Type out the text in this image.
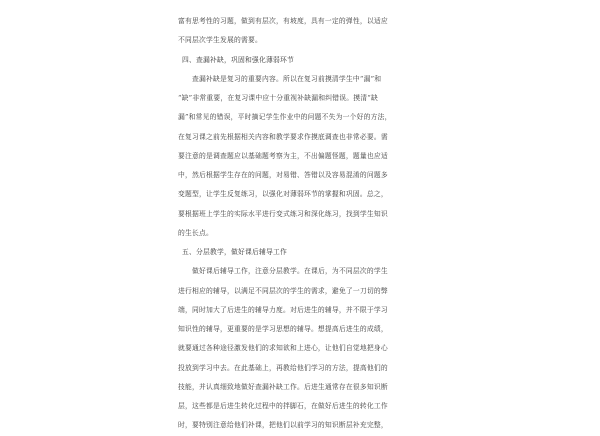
富有思考性的习题，做到有层次，有坡度，具有一定的弹性，以适应
不同层次学生发展的需要。
四、查漏补缺，巩固和强化薄弱环节
查漏补缺是复习的重要内容。所以在复习前摸清学生中“漏”和
“缺”非常重要，在复习课中应十分重视补缺漏和纠错误。摸清“缺
漏”和常见的错误，平时摘记学生作业中的问题不失为一个好的方法，
在复习课之前先根据相关内容和教学要求作摸底调查也非常必要。需
要注意的是调查题应以基础题考察为主，不出偏题怪题，题量也应适
中，然后根据学生存在的问题，对易错、答错以及容易混淆的问题多
变题型，让学生反复练习，以强化对薄弱环节的掌握和巩固。总之，
要根据班上学生的实际水平进行变式练习和深化练习，找到学生知识
的生长点。
五、分层教学，做好课后辅导工作
做好课后辅导工作，注意分层教学。在课后，为不同层次的学生
进行相应的辅导，以满足不同层次的学生的需求，避免了一刀切的弊
端，同时加大了后进生的辅导力度。对后进生的辅导，并不限于学习
知识性的辅导，更重要的是学习思想的辅导。想提高后进生的成绩，
就要通过各种途径激发他们的求知欲和上进心，让他们自觉地把身心
投放到学习中去。在此基础上，再教给他们学习的方法，提高他们的
技能，并认真细致地做好查漏补缺工作。后进生通常存在很多知识断
层，这些都是后进生转化过程中的拌脚石，在做好后进生的转化工作
时，要特别注意给他们补课，把他们以前学习的知识断层补充完整，
